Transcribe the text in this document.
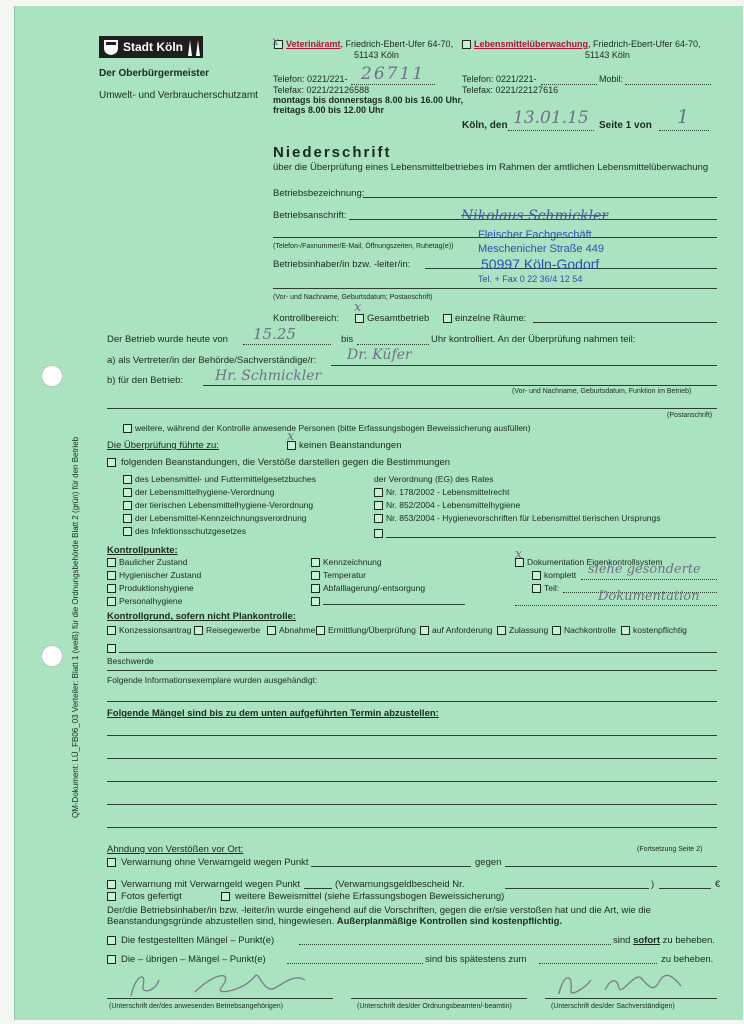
QM-Dokument: LÜ_FB06_03 Verteiler: Blatt 1 (weiß) für die Ordnungsbehörde Blatt 2 (grün) für den Betrieb
Stadt Köln
Der Oberbürgermeister
Umwelt- und Verbraucherschutzamt
x Veterinäramt, Friedrich-Ebert-Ufer 64-70,
51143 Köln
Lebensmittelüberwachung, Friedrich-Ebert-Ufer 64-70,
51143 Köln
Telefon: 0221/221- 26711
Telefax: 0221/22126588
montags bis donnerstags 8.00 bis 16.00 Uhr,
freitags 8.00 bis 12.00 Uhr
Telefon: 0221/221-	Mobil:
Telefax: 0221/22127616
Köln, den 13.01.15 Seite 1 von 1
Niederschrift
über die Überprüfung eines Lebensmittelbetriebes im Rahmen der amtlichen Lebensmittelüberwachung
Betriebsbezeichnung:
Betriebsanschrift:
(Telefon-/Faxnummer/E-Mail, Öffnungszeiten, Ruhetag(e))
Betriebsinhaber/in bzw. -leiter/in:
(Vor- und Nachname, Geburtsdatum; Postanschrift)
Nikolaus Schmickler
Fleischer Fachgeschäft
Meschenicher Straße 449
50997 Köln-Godorf
Tel. + Fax 0 22 36/4 12 54
Kontrollbereich:
x
Gesamtbetrieb	einzelne Räume:
Der Betrieb wurde heute von 15.25	bis	Uhr kontrolliert. An der Überprüfung nahmen teil:
a) als Vertreter/in der Behörde/Sachverständige/r: Dr. Küfer
b) für den Betrieb: Hr. Schmickler
(Vor- und Nachname, Geburtsdatum, Funktion im Betrieb)
(Postanschrift)
weitere, während der Kontrolle anwesende Personen (bitte Erfassungsbogen Beweissicherung ausfüllen)
Die Überprüfung führte zu:
x
keinen Beanstandungen
folgenden Beanstandungen, die Verstöße darstellen gegen die Bestimmungen
des Lebensmittel- und Futtermittelgesetzbuches
der Lebensmittelhygiene-Verordnung
der tierischen Lebensmittelhygiene-Verordnung
der Lebensmittel-Kennzeichnungsverordnung
des Infektionsschutzgesetzes
der Verordnung (EG) des Rates
Nr. 178/2002 - Lebensmittelrecht
Nr. 852/2004 - Lebensmittelhygiene
Nr. 853/2004 - Hygienevorschriften für Lebensmittel tierischen Ursprungs
Kontrollpunkte:
Baulicher Zustand
Hygienischer Zustand
Produktionshygiene
Personalhygiene
Kennzeichnung
Temperatur
Abfalllagerung/-entsorgung
x Dokumentation Eigenkontrollsystem
komplett
Teil:
siehe gesonderte
Dokumentation
Kontrollgrund, sofern nicht Plankontrolle:
Konzessionsantrag Reisegewerbe Abnahme Ermittlung/Überprüfung auf Anforderung Zulassung Nachkontrolle kostenpflichtig
Beschwerde
Folgende Informationsexemplare wurden ausgehändigt:
Folgende Mängel sind bis zu dem unten aufgeführten Termin abzustellen:
Ahndung von Verstößen vor Ort:	(Fortsetzung Seite 2)
Verwarnung ohne Verwarngeld wegen Punkt	gegen
Verwarnung mit Verwarngeld wegen Punkt	(Verwarnungsgeldbescheid Nr.	)	€
Fotos gefertigt	weitere Beweismittel (siehe Erfassungsbogen Beweissicherung)
Der/die Betriebsinhaber/in bzw. -leiter/in wurde eingehend auf die Vorschriften, gegen die er/sie verstoßen hat und die Art, wie die
Beanstandungsgründe abzustellen sind, hingewiesen. Außerplanmäßige Kontrollen sind kostenpflichtig.
Die festgestellten Mängel – Punkt(e)	sind sofort zu beheben.
Die – übrigen – Mängel – Punkt(e)	sind bis spätestens zum	zu beheben.
(Unterschrift der/des anwesenden Betriebsangehörigen)	(Unterschrift des/der Ordnungsbeamten/-beamtin)	(Unterschrift des/der Sachverständigen)
